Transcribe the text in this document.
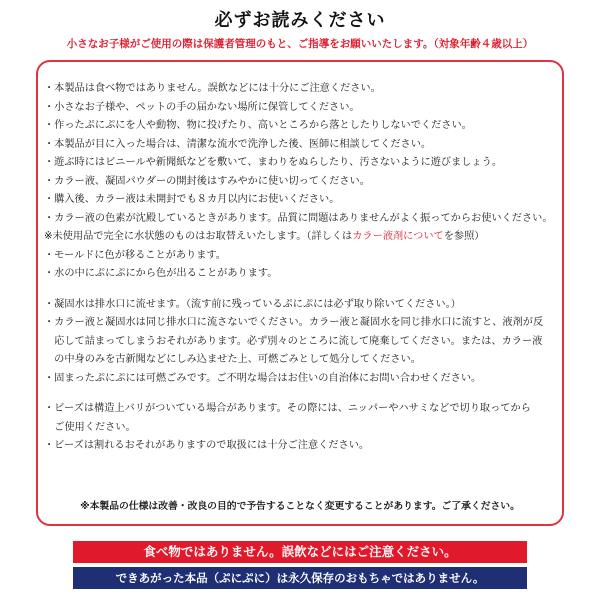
必ずお読みください
小さなお子様がご使用の際は保護者管理のもと、ご指導をお願いいたします。（対象年齢４歳以上）
・本製品は食べ物ではありません。誤飲などには十分にご注意ください。
・小さなお子様や、ペットの手の届かない場所に保管してください。
・作ったぷにぷにを人や動物、物に投げたり、高いところから落としたりしないでください。
・本製品が目に入った場合は、清潔な流水で洗浄した後、医師に相談してください。
・遊ぶ時にはビニールや新聞紙などを敷いて、まわりをぬらしたり、汚さないように遊びましょう。
・カラー液、凝固パウダーの開封後はすみやかに使い切ってください。
・購入後、カラー液は未開封でも８カ月以内にお使いください。
・カラー液の色素が沈殿しているときがあります。品質に問題はありませんがよく振ってからお使いください。
※未使用品で完全に水状態のものはお取替えいたします。（詳しくはカラー液剤についてを参照）
・モールドに色が移ることがあります。
・水の中にぷにぷにから色が出ることがあります。
・凝固水は排水口に流せます。（流す前に残っているぷにぷには必ず取り除いてください。）
・カラー液と凝固水は同じ排水口に流さないでください。カラー液と凝固水を同じ排水口に流すと、液剤が反
　応して詰まってしまうおそれがあります。必ず別々のところに流して廃棄してください。または、カラー液
　の中身のみを古新聞などにしみ込ませた上、可燃ごみとして処分してください。
・固まったぷにぷには可燃ごみです。ご不明な場合はお住いの自治体にお問い合わせください。
・ビーズは構造上バリがついている場合があります。その際には、ニッパーやハサミなどで切り取ってから
　ご使用ください。
・ビーズは割れるおそれがありますので取扱には十分ご注意ください。
※本製品の仕様は改善・改良の目的で予告することなく変更することがあります。ご了承ください。
食べ物ではありません。誤飲などにはご注意ください。
できあがった本品（ぷにぷに）は永久保存のおもちゃではありません。
